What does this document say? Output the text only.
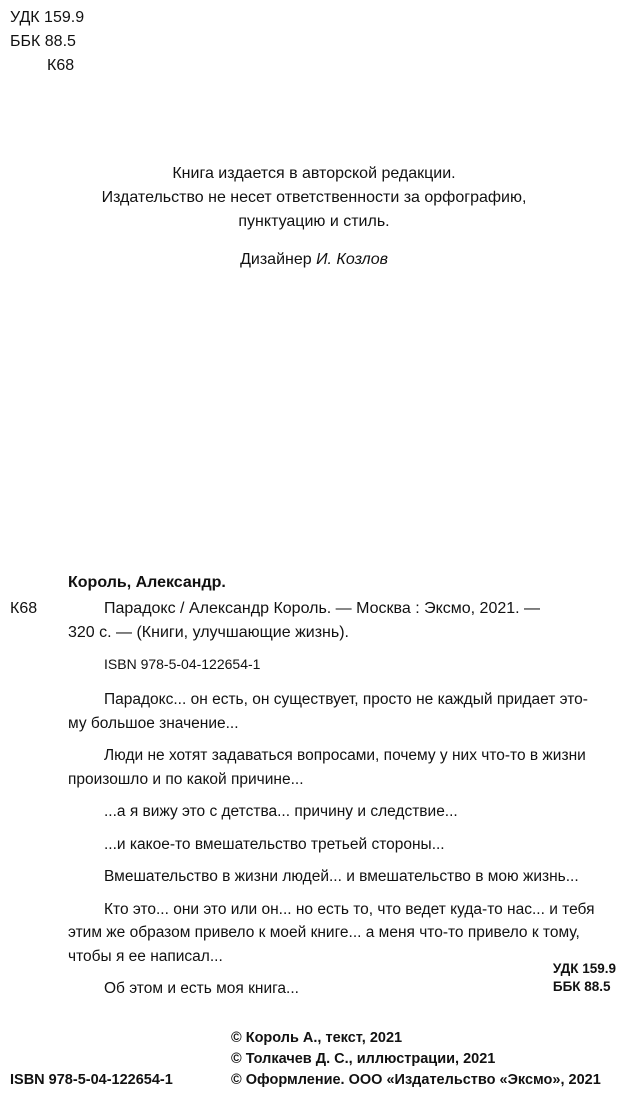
УДК 159.9
ББК 88.5
К68
Книга издается в авторской редакции.
Издательство не несет ответственности за орфографию,
пунктуацию и стиль.
Дизайнер И. Козлов
Король, Александр.
К68	Парадокс / Александр Король. — Москва : Эксмо, 2021. —
320 с. — (Книги, улучшающие жизнь).
ISBN 978-5-04-122654-1

Парадокс... он есть, он существует, просто не каждый придает это-
му большое значение...

Люди не хотят задаваться вопросами, почему у них что-то в жизни
произошло и по какой причине...

...а я вижу это с детства... причину и следствие...

...и какое-то вмешательство третьей стороны...

Вмешательство в жизни людей... и вмешательство в мою жизнь...

Кто это... они это или он... но есть то, что ведет куда-то нас... и тебя
этим же образом привело к моей книге... а меня что-то привело к тому,
чтобы я ее написал...

Об этом и есть моя книга...

УДК 159.9
ББК 88.5
© Король А., текст, 2021
© Толкачев Д. С., иллюстрации, 2021
© Оформление. ООО «Издательство «Эксмо», 2021
ISBN 978-5-04-122654-1
